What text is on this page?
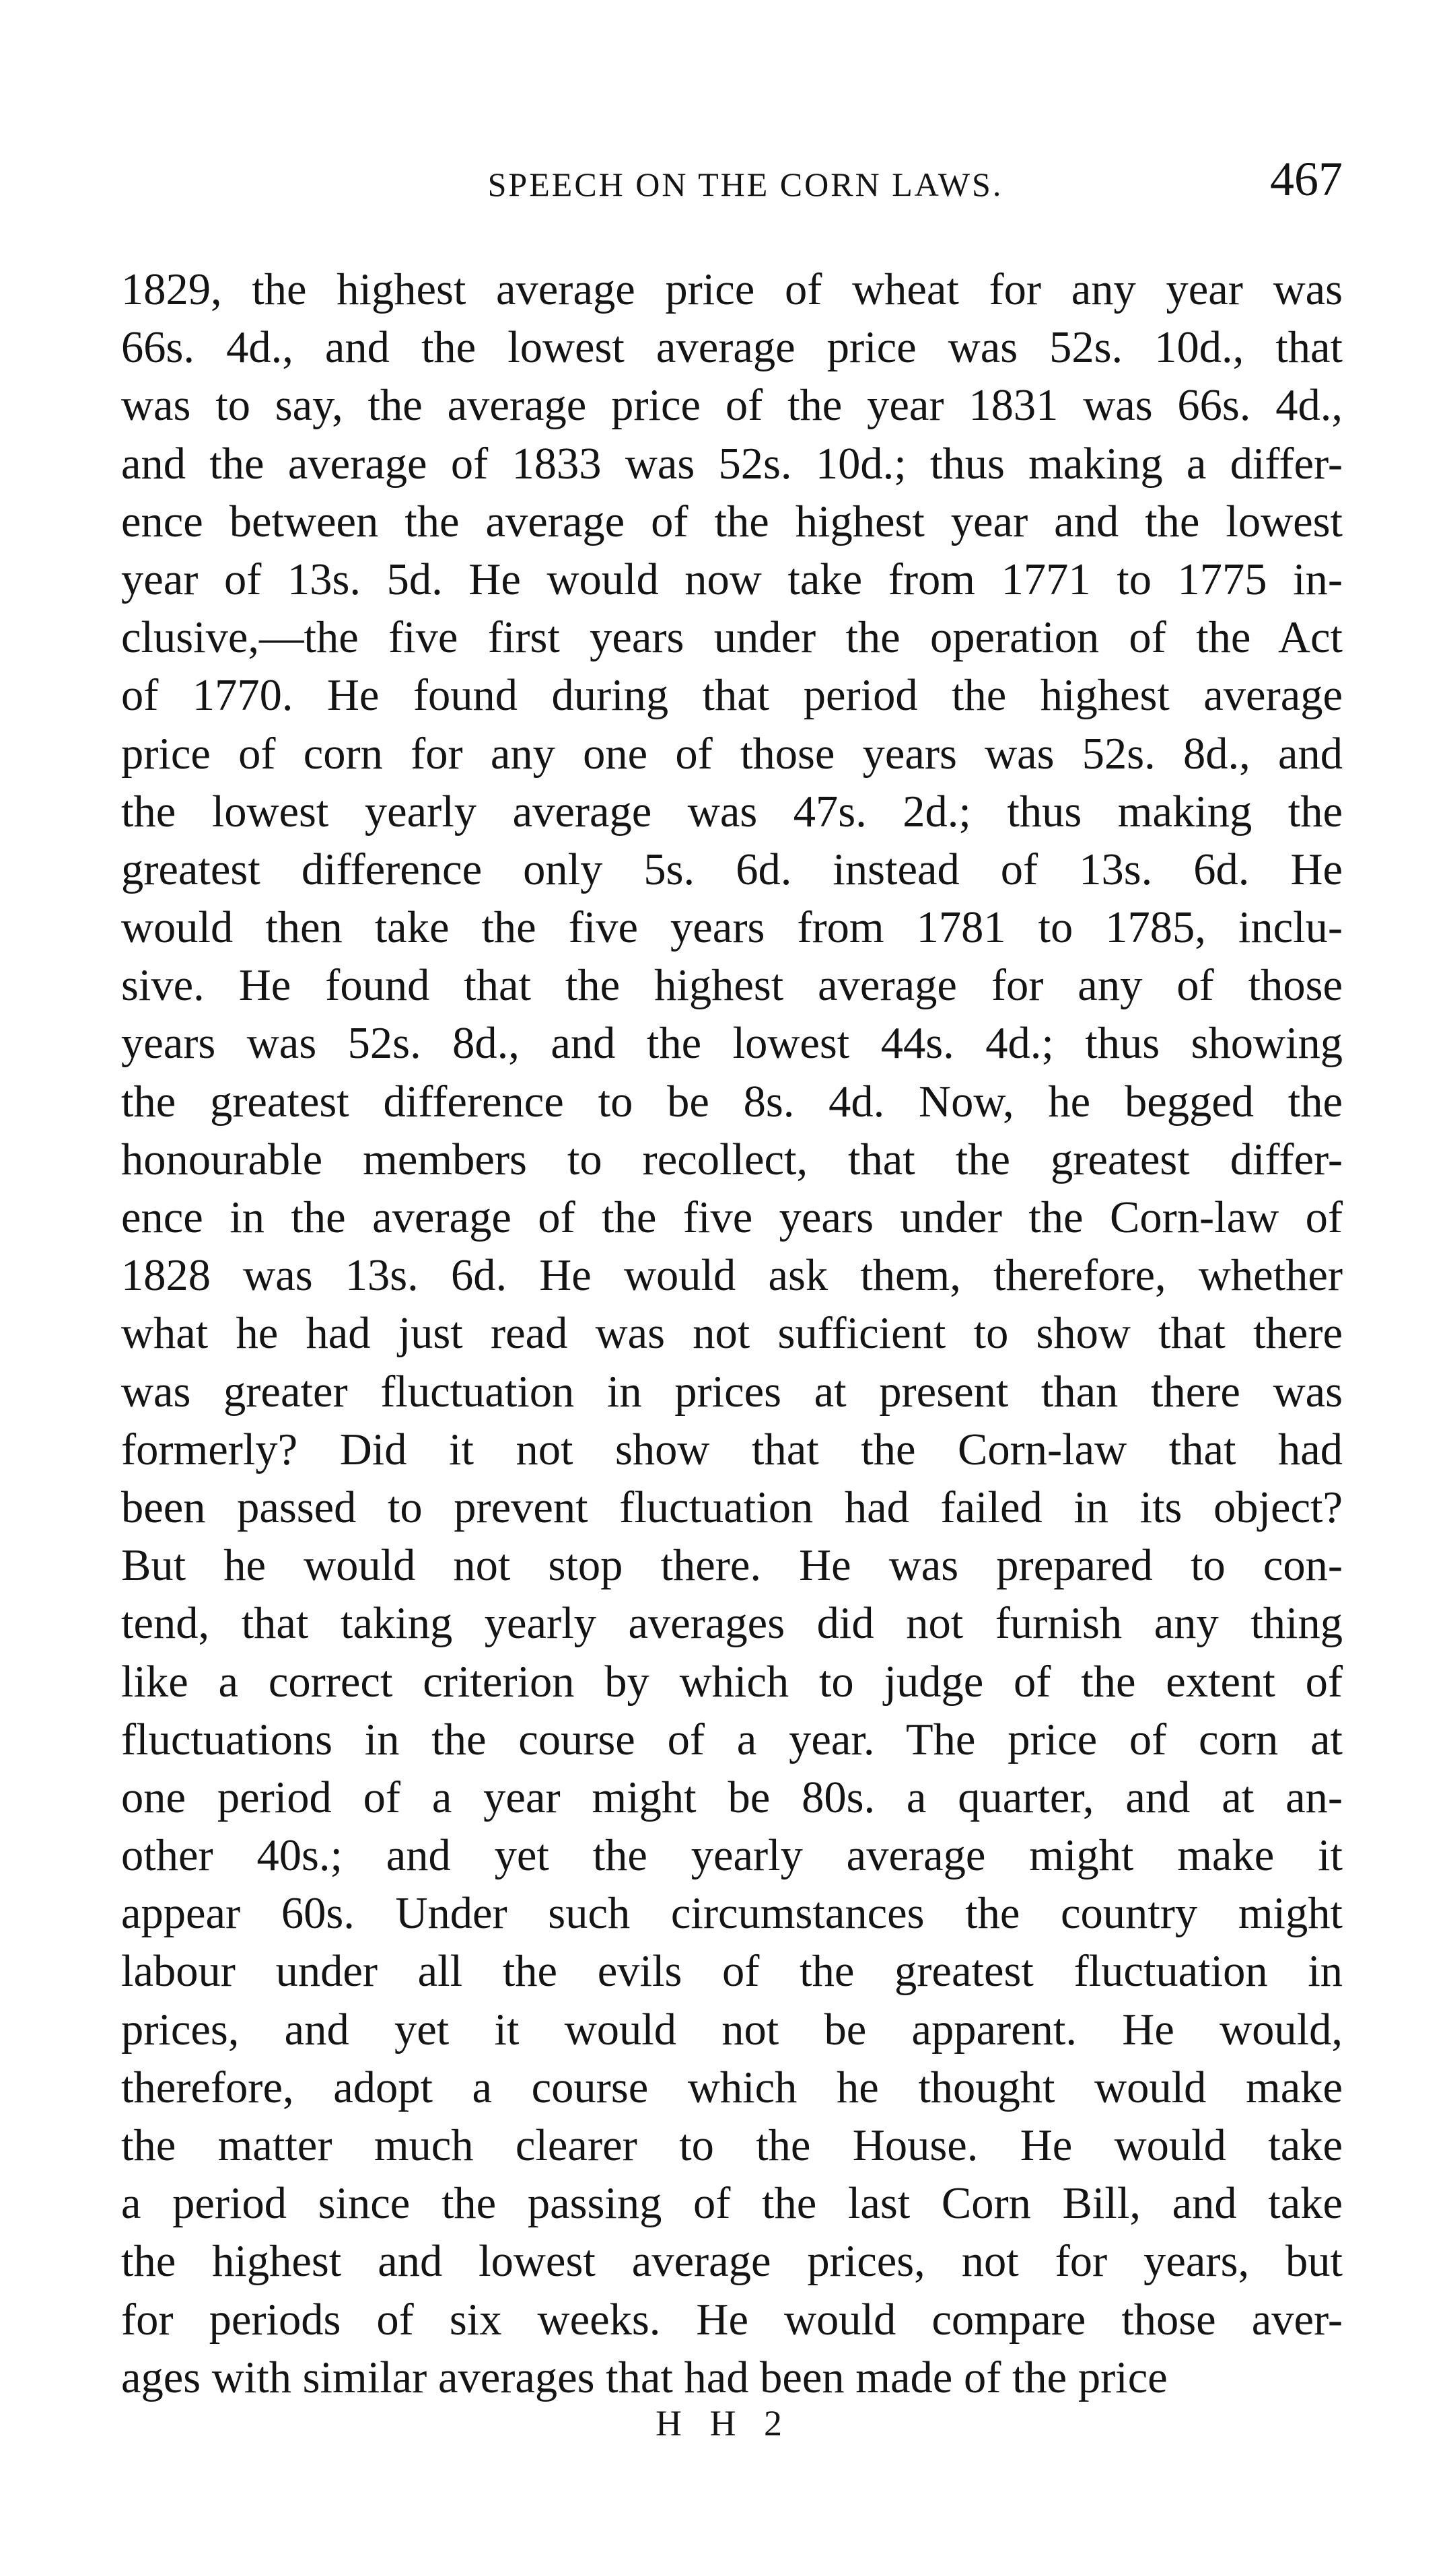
SPEECH ON THE CORN LAWS.	467
1829, the highest average price of wheat for any year was
66s. 4d., and the lowest average price was 52s. 10d., that
was to say, the average price of the year 1831 was 66s. 4d.,
and the average of 1833 was 52s. 10d.; thus making a differ-
ence between the average of the highest year and the lowest
year of 13s. 5d. He would now take from 1771 to 1775 in-
clusive,—the five first years under the operation of the Act
of 1770. He found during that period the highest average
price of corn for any one of those years was 52s. 8d., and
the lowest yearly average was 47s. 2d.; thus making the
greatest difference only 5s. 6d. instead of 13s. 6d. He
would then take the five years from 1781 to 1785, inclu-
sive. He found that the highest average for any of those
years was 52s. 8d., and the lowest 44s. 4d.; thus showing
the greatest difference to be 8s. 4d. Now, he begged the
honourable members to recollect, that the greatest differ-
ence in the average of the five years under the Corn-law of
1828 was 13s. 6d. He would ask them, therefore, whether
what he had just read was not sufficient to show that there
was greater fluctuation in prices at present than there was
formerly? Did it not show that the Corn-law that had
been passed to prevent fluctuation had failed in its object?
But he would not stop there. He was prepared to con-
tend, that taking yearly averages did not furnish any thing
like a correct criterion by which to judge of the extent of
fluctuations in the course of a year. The price of corn at
one period of a year might be 80s. a quarter, and at an-
other 40s.; and yet the yearly average might make it
appear 60s. Under such circumstances the country might
labour under all the evils of the greatest fluctuation in
prices, and yet it would not be apparent. He would,
therefore, adopt a course which he thought would make
the matter much clearer to the House. He would take
a period since the passing of the last Corn Bill, and take
the highest and lowest average prices, not for years, but
for periods of six weeks. He would compare those aver-
ages with similar averages that had been made of the price
H H 2
